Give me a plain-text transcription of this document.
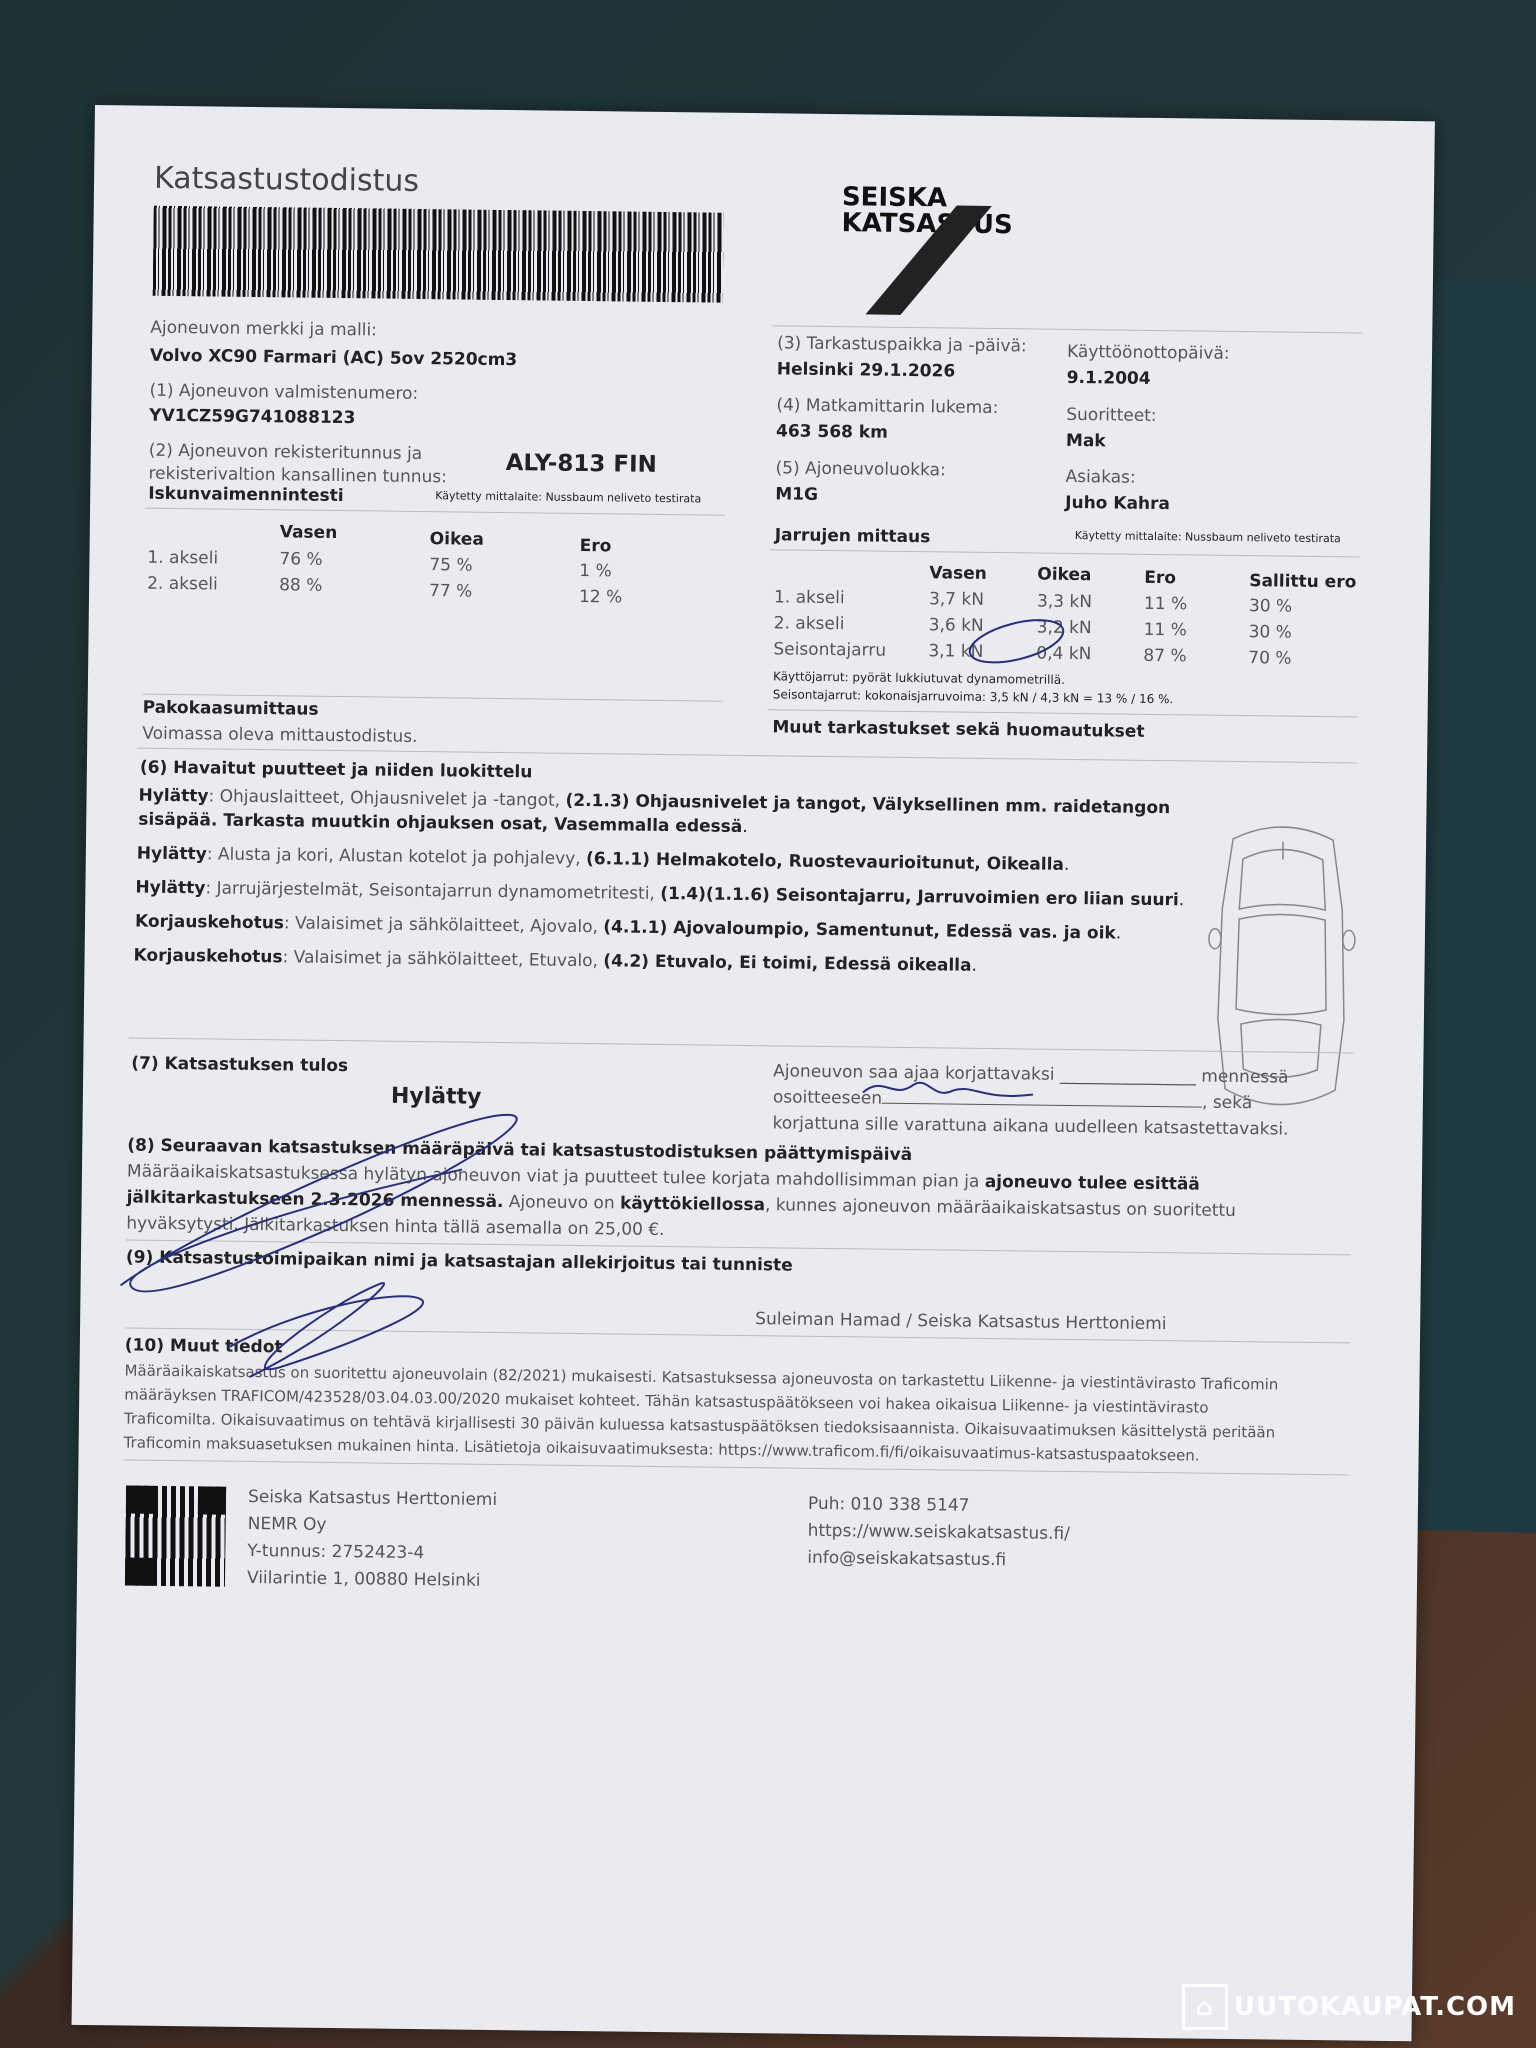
Katsastustodistus	SEISKA
KATSASTUS
Ajoneuvon merkki ja malli:
Volvo XC90 Farmari (AC) 5ov 2520cm3
(1) Ajoneuvon valmistenumero:
YV1CZ59G741088123
(2) Ajoneuvon rekisteritunnus ja
rekisterivaltion kansallinen tunnus:	ALY-813 FIN
(3) Tarkastuspaikka ja -päivä:
Helsinki 29.1.2026
(4) Matkamittarin lukema:
463 568 km
(5) Ajoneuvoluokka:
M1G
Käyttöönottopäivä:
9.1.2004
Suoritteet:
Mak
Asiakas:
Juho Kahra
Iskunvaimennintesti	Käytetty mittalaite: Nussbaum neliveto testirata
Vasen	Oikea	Ero
1. akseli	76 %	75 %	1 %
2. akseli	88 %	77 %	12 %
Jarrujen mittaus	Käytetty mittalaite: Nussbaum neliveto testirata
Vasen	Oikea	Ero	Sallittu ero
1. akseli	3,7 kN	3,3 kN	11 %	30 %
2. akseli	3,6 kN	3,2 kN	11 %	30 %
Seisontajarru 3,1 kN	0,4 kN	87 %	70 %
Käyttöjarrut: pyörät lukkiutuvat dynamometrillä.
Seisontajarrut: kokonaisjarruvoima: 3,5 kN / 4,3 kN = 13 % / 16 %.
Pakokaasumittaus
Voimassa oleva mittaustodistus.	Muut tarkastukset sekä huomautukset
(6) Havaitut puutteet ja niiden luokittelu
Hylätty: Ohjauslaitteet, Ohjausnivelet ja -tangot, (2.1.3) Ohjausnivelet ja tangot, Välyksellinen mm. raidetangon
sisäpää. Tarkasta muutkin ohjauksen osat, Vasemmalla edessä.
Hylätty: Alusta ja kori, Alustan kotelot ja pohjalevy, (6.1.1) Helmakotelo, Ruostevaurioitunut, Oikealla.
Hylätty: Jarrujärjestelmät, Seisontajarrun dynamometritesti, (1.4)(1.1.6) Seisontajarru, Jarruvoimien ero liian suuri.
Korjauskehotus: Valaisimet ja sähkölaitteet, Ajovalo, (4.1.1) Ajovaloumpio, Samentunut, Edessä vas. ja oik.
Korjauskehotus: Valaisimet ja sähkölaitteet, Etuvalo, (4.2) Etuvalo, Ei toimi, Edessä oikealla.
(7) Katsastuksen tulos
Hylätty
Ajoneuvon saa ajaa korjattavaksi ________________ mennessä
osoitteeseen	, sekä
korjattuna sille varattuna aikana uudelleen katsastettavaksi.
(8) Seuraavan katsastuksen määräpäivä tai katsastustodistuksen päättymispäivä
Määräaikaiskatsastuksessa hylätyn ajoneuvon viat ja puutteet tulee korjata mahdollisimman pian ja ajoneuvo tulee esittää
jälkitarkastukseen 2.3.2026 mennessä. Ajoneuvo on käyttökiellossa, kunnes ajoneuvon määräaikaiskatsastus on suoritettu
hyväksytysti. Jälkitarkastuksen hinta tällä asemalla on 25,00 €.
(9) Katsastustoimipaikan nimi ja katsastajan allekirjoitus tai tunniste
Suleiman Hamad / Seiska Katsastus Herttoniemi
(10) Muut tiedot
Määräaikaiskatsastus on suoritettu ajoneuvolain (82/2021) mukaisesti. Katsastuksessa ajoneuvosta on tarkastettu Liikenne- ja viestintävirasto Traficomin
määräyksen TRAFICOM/423528/03.04.03.00/2020 mukaiset kohteet. Tähän katsastuspäätökseen voi hakea oikaisua Liikenne- ja viestintävirasto
Traficomilta. Oikaisuvaatimus on tehtävä kirjallisesti 30 päivän kuluessa katsastuspäätöksen tiedoksisaannista. Oikaisuvaatimuksen käsittelystä peritään
Traficomin maksuasetuksen mukainen hinta. Lisätietoja oikaisuvaatimuksesta: https://www.traficom.fi/fi/oikaisuvaatimus-katsastuspaatokseen.
Seiska Katsastus Herttoniemi
NEMR Oy
Y-tunnus: 2752423-4
Viilarintie 1, 00880 Helsinki
Puh: 010 338 5147
https://www.seiskakatsastus.fi/
info@seiskakatsastus.fi
⌂ UUTOKAUPAT.COM
